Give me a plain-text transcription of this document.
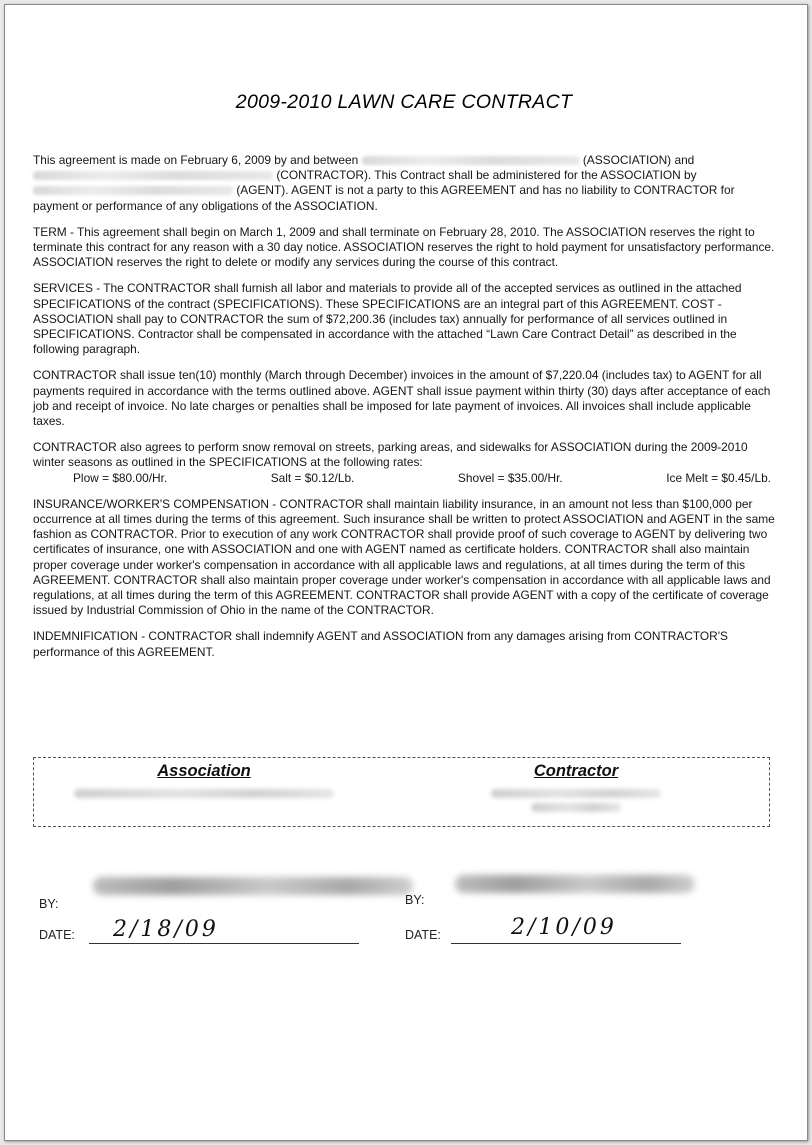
2009-2010 LAWN CARE CONTRACT

This agreement is made on February 6, 2009 by and between	(ASSOCIATION) and  (CONTRACTOR). This Contract shall be administered for the ASSOCIATION by  (AGENT). AGENT is not a party to this AGREEMENT and has no liability to CONTRACTOR for payment or performance of any obligations of the ASSOCIATION.

TERM - This agreement shall begin on March 1, 2009 and shall terminate on February 28, 2010. The ASSOCIATION reserves the right to terminate this contract for any reason with a 30 day notice. ASSOCIATION reserves the right to hold payment for unsatisfactory performance. ASSOCIATION reserves the right to delete or modify any services during the course of this contract.

SERVICES - The CONTRACTOR shall furnish all labor and materials to provide all of the accepted services as outlined in the attached SPECIFICATIONS of the contract (SPECIFICATIONS). These SPECIFICATIONS are an integral part of this AGREEMENT. COST - ASSOCIATION shall pay to CONTRACTOR the sum of $72,200.36 (includes tax) annually for performance of all services outlined in SPECIFICATIONS. Contractor shall be compensated in accordance with the attached “Lawn Care Contract Detail” as described in the following paragraph.

CONTRACTOR shall issue ten(10) monthly (March through December) invoices in the amount of $7,220.04 (includes tax) to AGENT for all payments required in accordance with the terms outlined above. AGENT shall issue payment within thirty (30) days after acceptance of each job and receipt of invoice. No late charges or penalties shall be imposed for late payment of invoices. All invoices shall include applicable taxes.

CONTRACTOR also agrees to perform snow removal on streets, parking areas, and sidewalks for ASSOCIATION during the 2009-2010 winter seasons as outlined in the SPECIFICATIONS at the following rates:

Plow = $80.00/Hr.	Salt = $0.12/Lb.	Shovel = $35.00/Hr.	Ice Melt = $0.45/Lb.

INSURANCE/WORKER'S COMPENSATION - CONTRACTOR shall maintain liability insurance, in an amount not less than $100,000 per occurrence at all times during the terms of this agreement. Such insurance shall be written to protect ASSOCIATION and AGENT in the same fashion as CONTRACTOR. Prior to execution of any work CONTRACTOR shall provide proof of such coverage to AGENT by delivering two certificates of insurance, one with ASSOCIATION and one with AGENT named as certificate holders. CONTRACTOR shall also maintain proper coverage under worker's compensation in accordance with all applicable laws and regulations, at all times during the term of this AGREEMENT. CONTRACTOR shall also maintain proper coverage under worker's compensation in accordance with all applicable laws and regulations, at all times during the term of this AGREEMENT. CONTRACTOR shall provide AGENT with a copy of the certificate of coverage issued by Industrial Commission of Ohio in the name of the CONTRACTOR.

INDEMNIFICATION - CONTRACTOR shall indemnify AGENT and ASSOCIATION from any damages arising from CONTRACTOR'S performance of this AGREEMENT.

Association	Contractor
BY:	BY:
DATE: 2/18/09	DATE:	2/10/09
